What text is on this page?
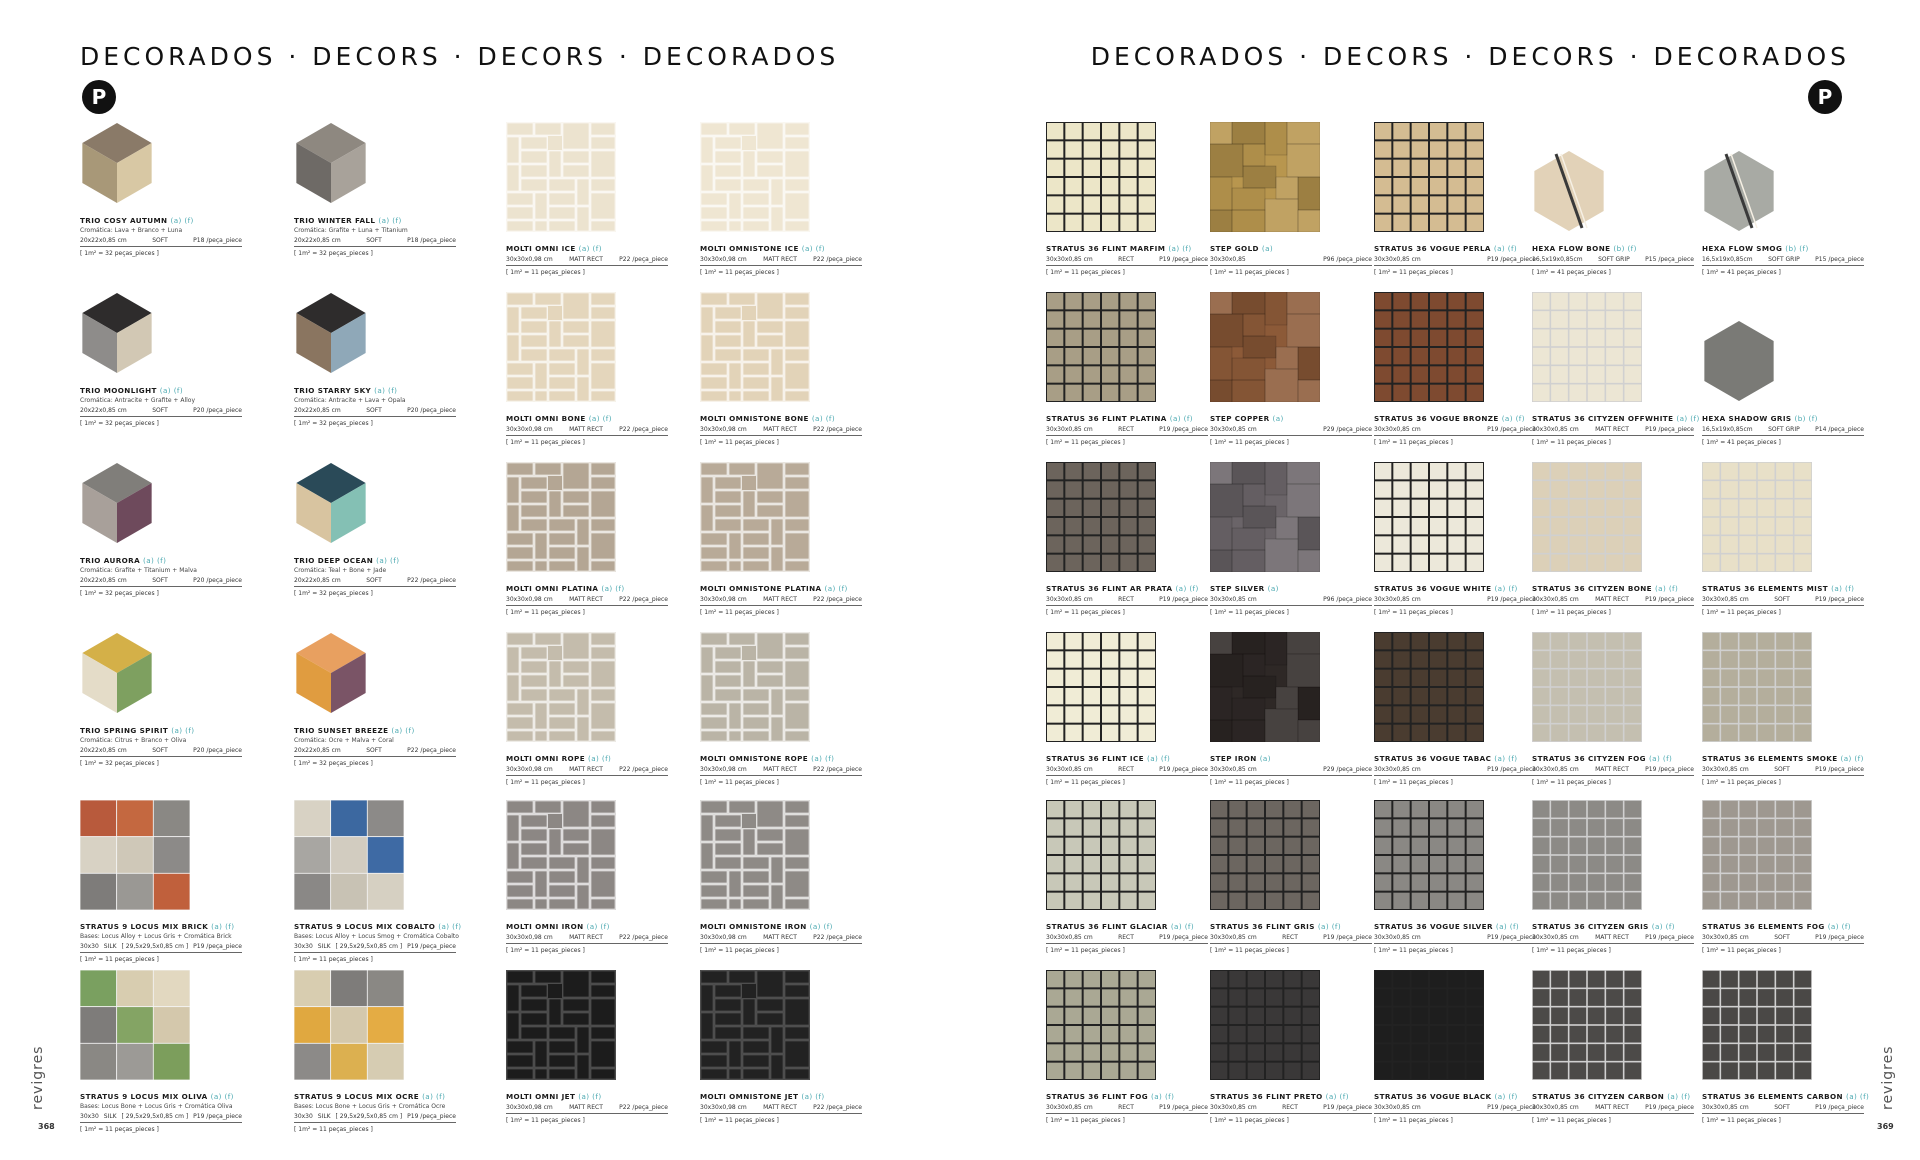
DECORADOS · DECORS · DECORS · DECORADOS	DECORADOS · DECORS · DECORS · DECORADOS
P	P
revigres	revigres
368	369
TRIO COSY AUTUMN (a) (f)
Cromática: Lava + Branco + Luna
20x22x0,85 cm	SOFT	P18 /peça_piece
[ 1m² = 32 peças_pieces ]
TRIO WINTER FALL (a) (f)
Cromática: Grafite + Luna + Titanium
20x22x0,85 cm	SOFT	P18 /peça_piece
[ 1m² = 32 peças_pieces ]
MOLTI OMNI ICE (a) (f)
30x30x0,98 cm	MATT RECT	P22 /peça_piece
[ 1m² = 11 peças_pieces ]
MOLTI OMNISTONE ICE (a) (f)
30x30x0,98 cm	MATT RECT	P22 /peça_piece
[ 1m² = 11 peças_pieces ]
TRIO MOONLIGHT (a) (f)
Cromática: Antracite + Grafite + Alloy
20x22x0,85 cm	SOFT	P20 /peça_piece
[ 1m² = 32 peças_pieces ]
TRIO STARRY SKY (a) (f)
Cromática: Antracite + Lava + Opala
20x22x0,85 cm	SOFT	P20 /peça_piece
[ 1m² = 32 peças_pieces ]
MOLTI OMNI BONE (a) (f)
30x30x0,98 cm	MATT RECT	P22 /peça_piece
[ 1m² = 11 peças_pieces ]
MOLTI OMNISTONE BONE (a) (f)
30x30x0,98 cm	MATT RECT	P22 /peça_piece
[ 1m² = 11 peças_pieces ]
TRIO AURORA (a) (f)
Cromática: Grafite + Titanium + Malva
20x22x0,85 cm	SOFT	P20 /peça_piece
[ 1m² = 32 peças_pieces ]
TRIO DEEP OCEAN (a) (f)
Cromática: Teal + Bone + Jade
20x22x0,85 cm	SOFT	P22 /peça_piece
[ 1m² = 32 peças_pieces ]
MOLTI OMNI PLATINA (a) (f)
30x30x0,98 cm	MATT RECT	P22 /peça_piece
[ 1m² = 11 peças_pieces ]
MOLTI OMNISTONE PLATINA (a) (f)
30x30x0,98 cm	MATT RECT	P22 /peça_piece
[ 1m² = 11 peças_pieces ]
TRIO SPRING SPIRIT (a) (f)
Cromática: Citrus + Branco + Oliva
20x22x0,85 cm	SOFT	P20 /peça_piece
[ 1m² = 32 peças_pieces ]
TRIO SUNSET BREEZE (a) (f)
Cromática: Ocre + Malva + Coral
20x22x0,85 cm	SOFT	P22 /peça_piece
[ 1m² = 32 peças_pieces ]
MOLTI OMNI ROPE (a) (f)
30x30x0,98 cm	MATT RECT	P22 /peça_piece
[ 1m² = 11 peças_pieces ]
MOLTI OMNISTONE ROPE (a) (f)
30x30x0,98 cm	MATT RECT	P22 /peça_piece
[ 1m² = 11 peças_pieces ]
STRATUS 9 LOCUS MIX BRICK (a) (f)
Bases: Locus Alloy + Locus Gris + Cromática Brick
30x30 SILK [ 29,5x29,5x0,85 cm ] P19 /peça_piece
[ 1m² = 11 peças_pieces ]
STRATUS 9 LOCUS MIX COBALTO (a) (f)
Bases: Locus Alloy + Locus Smog + Cromática Cobalto
30x30 SILK [ 29,5x29,5x0,85 cm ] P19 /peça_piece
[ 1m² = 11 peças_pieces ]
MOLTI OMNI IRON (a) (f)
30x30x0,98 cm	MATT RECT	P22 /peça_piece
[ 1m² = 11 peças_pieces ]
MOLTI OMNISTONE IRON (a) (f)
30x30x0,98 cm	MATT RECT	P22 /peça_piece
[ 1m² = 11 peças_pieces ]
STRATUS 9 LOCUS MIX OLIVA (a) (f)
Bases: Locus Bone + Locus Gris + Cromática Oliva
30x30 SILK [ 29,5x29,5x0,85 cm ] P19 /peça_piece
[ 1m² = 11 peças_pieces ]
STRATUS 9 LOCUS MIX OCRE (a) (f)
Bases: Locus Bone + Locus Gris + Cromática Ocre
30x30 SILK [ 29,5x29,5x0,85 cm ] P19 /peça_piece
[ 1m² = 11 peças_pieces ]
MOLTI OMNI JET (a) (f)
30x30x0,98 cm	MATT RECT	P22 /peça_piece
[ 1m² = 11 peças_pieces ]
MOLTI OMNISTONE JET (a) (f)
30x30x0,98 cm	MATT RECT	P22 /peça_piece
[ 1m² = 11 peças_pieces ]
STRATUS 36 FLINT MARFIM (a) (f)
30x30x0,85 cm	RECT	P19 /peça_piece
[ 1m² = 11 peças_pieces ]
STEP GOLD (a)
30x30x0,85	P96 /peça_piece
[ 1m² = 11 peças_pieces ]
STRATUS 36 VOGUE PERLA (a) (f)
30x30x0,85 cm	P19 /peça_piece
[ 1m² = 11 peças_pieces ]
HEXA FLOW BONE (b) (f)
16,5x19x0,85cm	SOFT GRIP	P15 /peça_piece
[ 1m² = 41 peças_pieces ]
HEXA FLOW SMOG (b) (f)
16,5x19x0,85cm	SOFT GRIP	P15 /peça_piece
[ 1m² = 41 peças_pieces ]
STRATUS 36 FLINT PLATINA (a) (f)
30x30x0,85 cm	RECT	P19 /peça_piece
[ 1m² = 11 peças_pieces ]
STEP COPPER (a)
30x30x0,85 cm	P29 /peça_piece
[ 1m² = 11 peças_pieces ]
STRATUS 36 VOGUE BRONZE (a) (f)
30x30x0,85 cm	P19 /peça_piece
[ 1m² = 11 peças_pieces ]
STRATUS 36 CITYZEN OFFWHITE (a) (f)
30x30x0,85 cm	MATT RECT	P19 /peça_piece
[ 1m² = 11 peças_pieces ]
HEXA SHADOW GRIS (b) (f)
16,5x19x0,85cm	SOFT GRIP	P14 /peça_piece
[ 1m² = 41 peças_pieces ]
STRATUS 36 FLINT AR PRATA (a) (f)
30x30x0,85 cm	RECT	P19 /peça_piece
[ 1m² = 11 peças_pieces ]
STEP SILVER (a)
30x30x0,85 cm	P96 /peça_piece
[ 1m² = 11 peças_pieces ]
STRATUS 36 VOGUE WHITE (a) (f)
30x30x0,85 cm	P19 /peça_piece
[ 1m² = 11 peças_pieces ]
STRATUS 36 CITYZEN BONE (a) (f)
30x30x0,85 cm	MATT RECT	P19 /peça_piece
[ 1m² = 11 peças_pieces ]
STRATUS 36 ELEMENTS MIST (a) (f)
30x30x0,85 cm	SOFT	P19 /peça_piece
[ 1m² = 11 peças_pieces ]
STRATUS 36 FLINT ICE (a) (f)
30x30x0,85 cm	RECT	P19 /peça_piece
[ 1m² = 11 peças_pieces ]
STEP IRON (a)
30x30x0,85 cm	P29 /peça_piece
[ 1m² = 11 peças_pieces ]
STRATUS 36 VOGUE TABAC (a) (f)
30x30x0,85 cm	P19 /peça_piece
[ 1m² = 11 peças_pieces ]
STRATUS 36 CITYZEN FOG (a) (f)
30x30x0,85 cm	MATT RECT	P19 /peça_piece
[ 1m² = 11 peças_pieces ]
STRATUS 36 ELEMENTS SMOKE (a) (f)
30x30x0,85 cm	SOFT	P19 /peça_piece
[ 1m² = 11 peças_pieces ]
STRATUS 36 FLINT GLACIAR (a) (f)
30x30x0,85 cm	RECT	P19 /peça_piece
[ 1m² = 11 peças_pieces ]
STRATUS 36 FLINT GRIS (a) (f)
30x30x0,85 cm	RECT	P19 /peça_piece
[ 1m² = 11 peças_pieces ]
STRATUS 36 VOGUE SILVER (a) (f)
30x30x0,85 cm	P19 /peça_piece
[ 1m² = 11 peças_pieces ]
STRATUS 36 CITYZEN GRIS (a) (f)
30x30x0,85 cm	MATT RECT	P19 /peça_piece
[ 1m² = 11 peças_pieces ]
STRATUS 36 ELEMENTS FOG (a) (f)
30x30x0,85 cm	SOFT	P19 /peça_piece
[ 1m² = 11 peças_pieces ]
STRATUS 36 FLINT FOG (a) (f)
30x30x0,85 cm	RECT	P19 /peça_piece
[ 1m² = 11 peças_pieces ]
STRATUS 36 FLINT PRETO (a) (f)
30x30x0,85 cm	RECT	P19 /peça_piece
[ 1m² = 11 peças_pieces ]
STRATUS 36 VOGUE BLACK (a) (f)
30x30x0,85 cm	P19 /peça_piece
[ 1m² = 11 peças_pieces ]
STRATUS 36 CITYZEN CARBON (a) (f)
30x30x0,85 cm	MATT RECT	P19 /peça_piece
[ 1m² = 11 peças_pieces ]
STRATUS 36 ELEMENTS CARBON (a) (f)
30x30x0,85 cm	SOFT	P19 /peça_piece
[ 1m² = 11 peças_pieces ]
